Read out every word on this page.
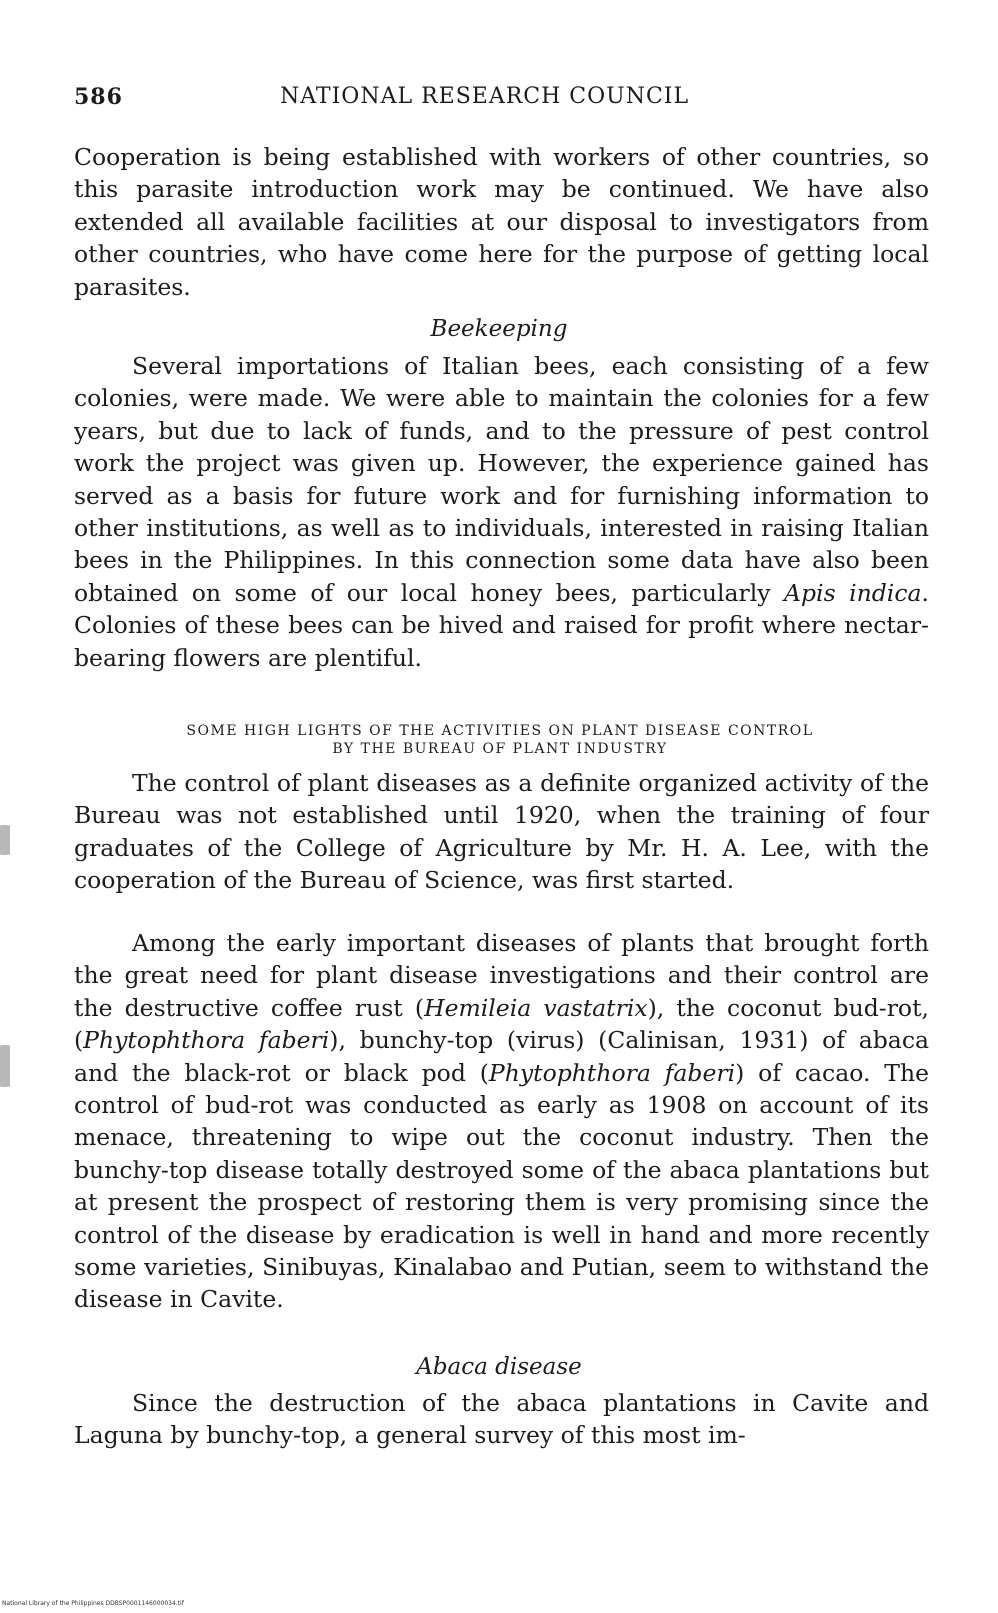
586	NATIONAL RESEARCH COUNCIL

Cooperation is being established with workers of other countries, so this parasite introduction work may be continued. We have also extended all available facilities at our disposal to investigators from other countries, who have come here for the purpose of getting local parasites.

Beekeeping

Several importations of Italian bees, each consisting of a few colonies, were made. We were able to maintain the colonies for a few years, but due to lack of funds, and to the pressure of pest control work the project was given up. However, the experience gained has served as a basis for future work and for furnishing information to other institutions, as well as to individuals, interested in raising Italian bees in the Philippines. In this connection some data have also been obtained on some of our local honey bees, particularly Apis indica. Colonies of these bees can be hived and raised for profit where nectar-bearing flowers are plentiful.

SOME HIGH LIGHTS OF THE ACTIVITIES ON PLANT DISEASE CONTROL
BY THE BUREAU OF PLANT INDUSTRY

The control of plant diseases as a definite organized activity of the Bureau was not established until 1920, when the training of four graduates of the College of Agriculture by Mr. H. A. Lee, with the cooperation of the Bureau of Science, was first started.

Among the early important diseases of plants that brought forth the great need for plant disease investigations and their control are the destructive coffee rust (Hemileia vastatrix), the coconut bud-rot, (Phytophthora faberi), bunchy-top (virus) (Calinisan, 1931) of abaca and the black-rot or black pod (Phytophthora faberi) of cacao. The control of bud-rot was conducted as early as 1908 on account of its menace, threatening to wipe out the coconut industry. Then the bunchy-top disease totally destroyed some of the abaca plantations but at present the prospect of restoring them is very promising since the control of the disease by eradication is well in hand and more recently some varieties, Sinibuyas, Kinalabao and Putian, seem to withstand the disease in Cavite.

Abaca disease

Since the destruction of the abaca plantations in Cavite and Laguna by bunchy-top, a general survey of this most im-

National Library of the Philippines DDBSP0001146000034.tif
